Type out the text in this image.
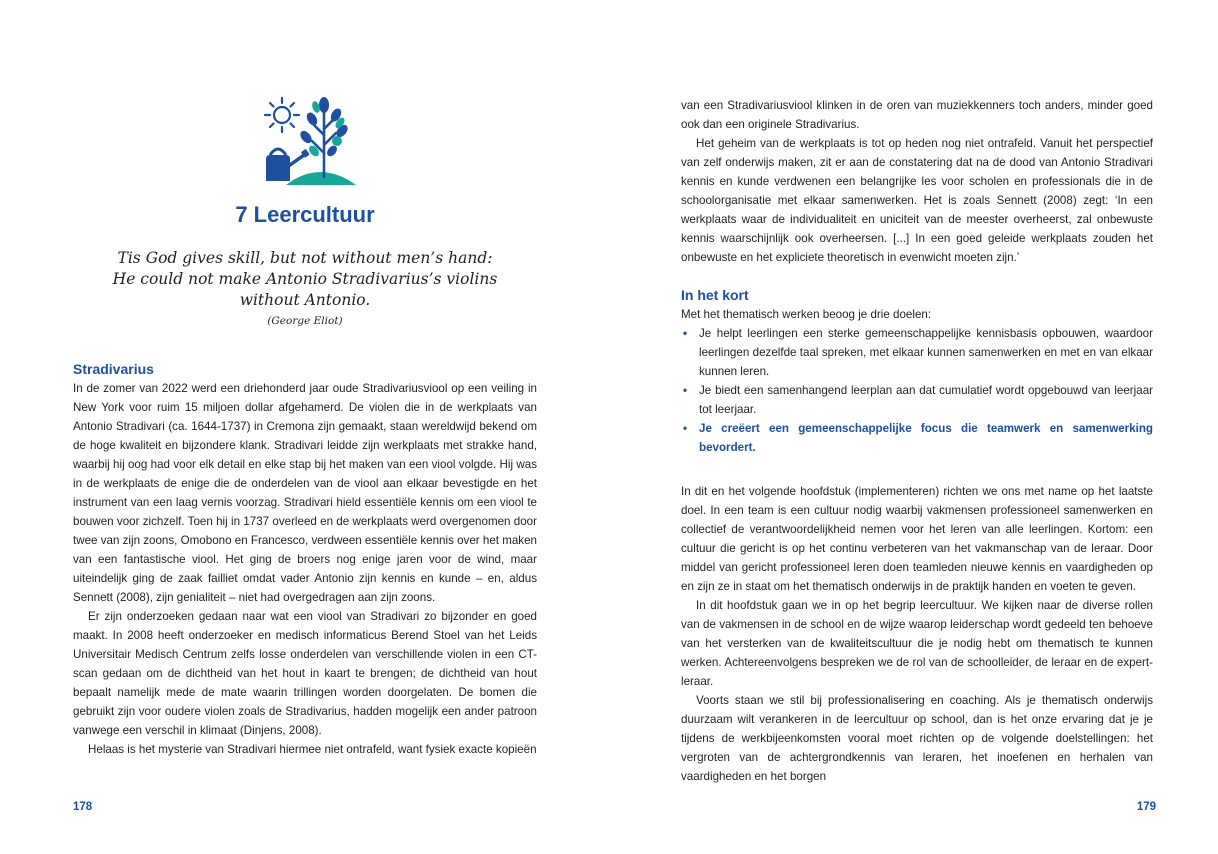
7 Leercultuur
Tis God gives skill, but not without men’s hand:
He could not make Antonio Stradivarius’s violins
without Antonio.
(George Eliot)
Stradivarius

In de zomer van 2022 werd een driehonderd jaar oude Stradivariusviool op een veiling in New York voor ruim 15 miljoen dollar afgehamerd. De violen die in de werkplaats van Antonio Stradivari (ca. 1644-1737) in Cremona zijn gemaakt, staan wereldwijd bekend om de hoge kwaliteit en bijzondere klank. Stradivari leidde zijn werkplaats met strakke hand, waarbij hij oog had voor elk detail en elke stap bij het maken van een viool volgde. Hij was in de werkplaats de enige die de onderdelen van de viool aan elkaar bevestigde en het instrument van een laag vernis voorzag. Stradivari hield essentiële kennis om een viool te bouwen voor zichzelf. Toen hij in 1737 overleed en de werkplaats werd overgenomen door twee van zijn zoons, Omobono en Francesco, verdween essentiële kennis over het maken van een fantastische viool. Het ging de broers nog enige jaren voor de wind, maar uiteindelijk ging de zaak failliet omdat vader Antonio zijn kennis en kunde – en, aldus Sennett (2008), zijn genialiteit – niet had overgedragen aan zijn zoons.

Er zijn onderzoeken gedaan naar wat een viool van Stradivari zo bijzonder en goed maakt. In 2008 heeft onderzoeker en medisch informaticus Berend Stoel van het Leids Universitair Medisch Centrum zelfs losse onderdelen van verschillende violen in een CT-scan gedaan om de dichtheid van het hout in kaart te brengen; de dichtheid van hout bepaalt namelijk mede de mate waarin trillingen worden doorgelaten. De bomen die gebruikt zijn voor oudere violen zoals de Stradivarius, hadden mogelijk een ander patroon vanwege een verschil in klimaat (Dinjens, 2008).

Helaas is het mysterie van Stradivari hiermee niet ontrafeld, want fysiek exacte kopieën

178

van een Stradivariusviool klinken in de oren van muziekkenners toch anders, minder goed ook dan een originele Stradivarius.

Het geheim van de werkplaats is tot op heden nog niet ontrafeld. Vanuit het perspectief van zelf onderwijs maken, zit er aan de constatering dat na de dood van Antonio Stradivari kennis en kunde verdwenen een belangrijke les voor scholen en professionals die in de schoolorganisatie met elkaar samenwerken. Het is zoals Sennett (2008) zegt: ‘In een werkplaats waar de individualiteit en uniciteit van de meester overheerst, zal onbewuste kennis waarschijnlijk ook overheersen. [...] In een goed geleide werkplaats zouden het onbewuste en het expliciete theoretisch in evenwicht moeten zijn.’

In het kort

Met het thematisch werken beoog je drie doelen:

• Je helpt leerlingen een sterke gemeenschappelijke kennisbasis opbouwen, waardoor leerlingen dezelfde taal spreken, met elkaar kunnen samenwerken en met en van elkaar kunnen leren.
• Je biedt een samenhangend leerplan aan dat cumulatief wordt opgebouwd van leerjaar tot leerjaar.
• Je creëert een gemeenschappelijke focus die teamwerk en samenwerking bevordert.

In dit en het volgende hoofdstuk (implementeren) richten we ons met name op het laatste doel. In een team is een cultuur nodig waarbij vakmensen professioneel samenwerken en collectief de verantwoordelijkheid nemen voor het leren van alle leerlingen. Kortom: een cultuur die gericht is op het continu verbeteren van het vakmanschap van de leraar. Door middel van gericht professioneel leren doen teamleden nieuwe kennis en vaardigheden op en zijn ze in staat om het thematisch onderwijs in de praktijk handen en voeten te geven.

In dit hoofdstuk gaan we in op het begrip leercultuur. We kijken naar de diverse rollen van de vakmensen in de school en de wijze waarop leiderschap wordt gedeeld ten behoeve van het versterken van de kwaliteitscultuur die je nodig hebt om thematisch te kunnen werken. Achtereenvolgens bespreken we de rol van de schoolleider, de leraar en de expert-leraar.

Voorts staan we stil bij professionalisering en coaching. Als je thematisch onderwijs duurzaam wilt verankeren in de leercultuur op school, dan is het onze ervaring dat je je tijdens de werkbijeenkomsten vooral moet richten op de volgende doelstellingen: het vergroten van de achtergrondkennis van leraren, het inoefenen en herhalen van vaardigheden en het borgen

179
